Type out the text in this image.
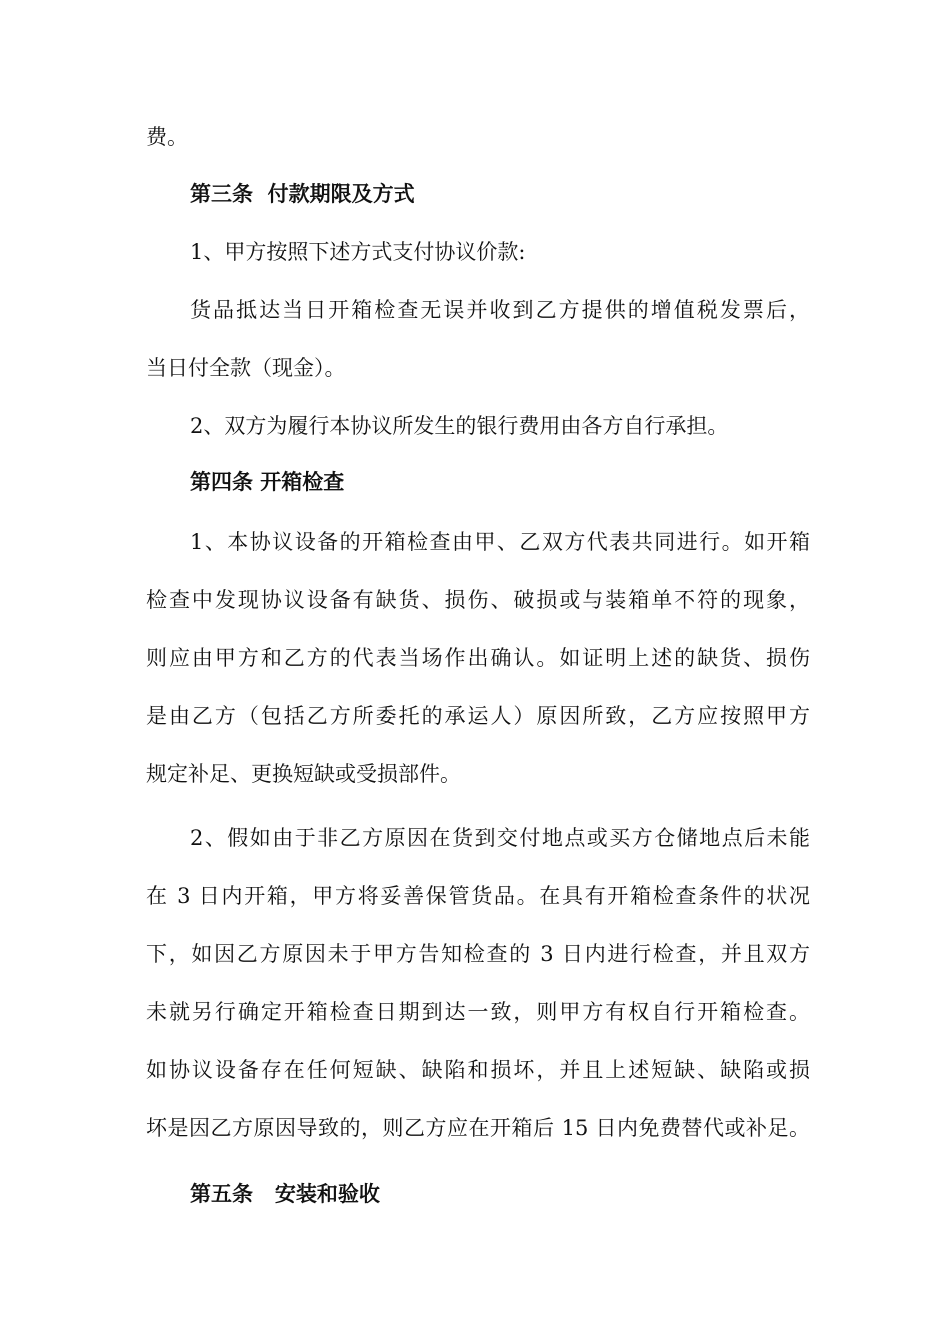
费。
第三条  付款期限及方式
1、甲方按照下述方式支付协议价款:
货品抵达当日开箱检查无误并收到乙方提供的增值税发票后，
当日付全款（现金）。
2、双方为履行本协议所发生的银行费用由各方自行承担。
第四条 开箱检查
1、本协议设备的开箱检查由甲、乙双方代表共同进行。如开箱
检查中发现协议设备有缺货、损伤、破损或与装箱单不符的现象，
则应由甲方和乙方的代表当场作出确认。如证明上述的缺货、损伤
是由乙方（包括乙方所委托的承运人）原因所致，乙方应按照甲方
规定补足、更换短缺或受损部件。
2、假如由于非乙方原因在货到交付地点或买方仓储地点后未能
在 3 日内开箱，甲方将妥善保管货品。在具有开箱检查条件的状况
下，如因乙方原因未于甲方告知检查的 3 日内进行检查，并且双方
未就另行确定开箱检查日期到达一致，则甲方有权自行开箱检查。
如协议设备存在任何短缺、缺陷和损坏，并且上述短缺、缺陷或损
坏是因乙方原因导致的，则乙方应在开箱后 15 日内免费替代或补足。
第五条   安装和验收
